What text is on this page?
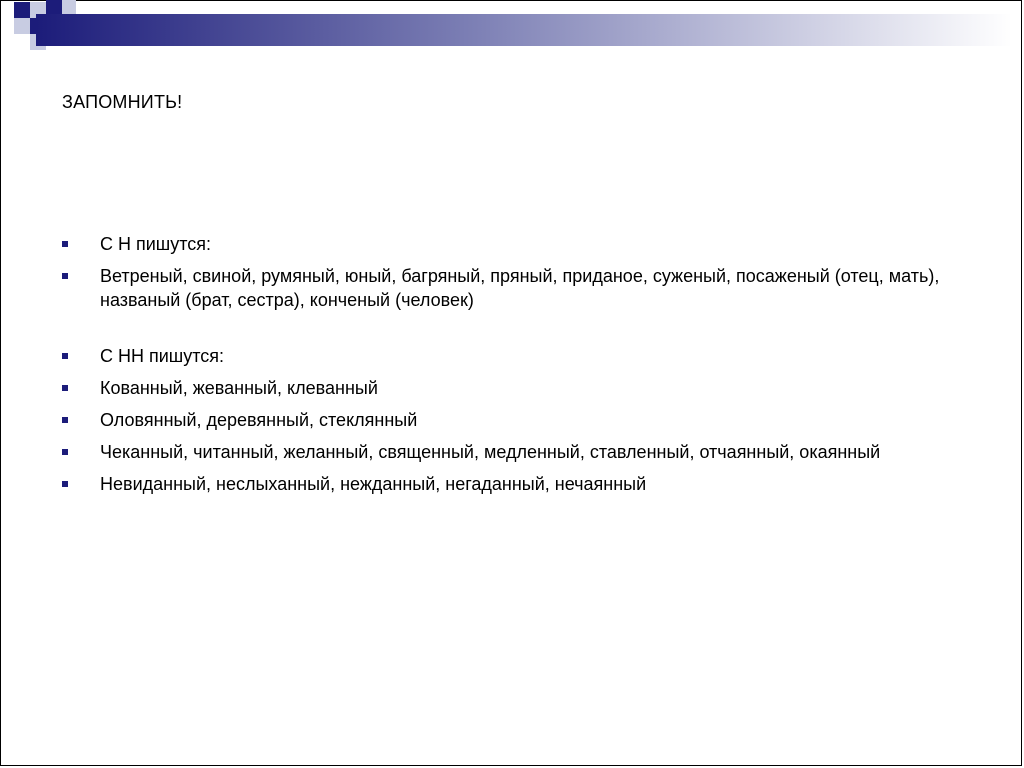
ЗАПОМНИТЬ!
С Н пишутся:
Ветреный, свиной, румяный, юный, багряный, пряный, приданое, суженый, посаженый (отец, мать), названый (брат, сестра), конченый (человек)
С НН пишутся:
Кованный, жеванный, клеванный
Оловянный, деревянный, стеклянный
Чеканный, читанный, желанный, священный, медленный, ставленный, отчаянный, окаянный
Невиданный, неслыханный, нежданный, негаданный, нечаянный
